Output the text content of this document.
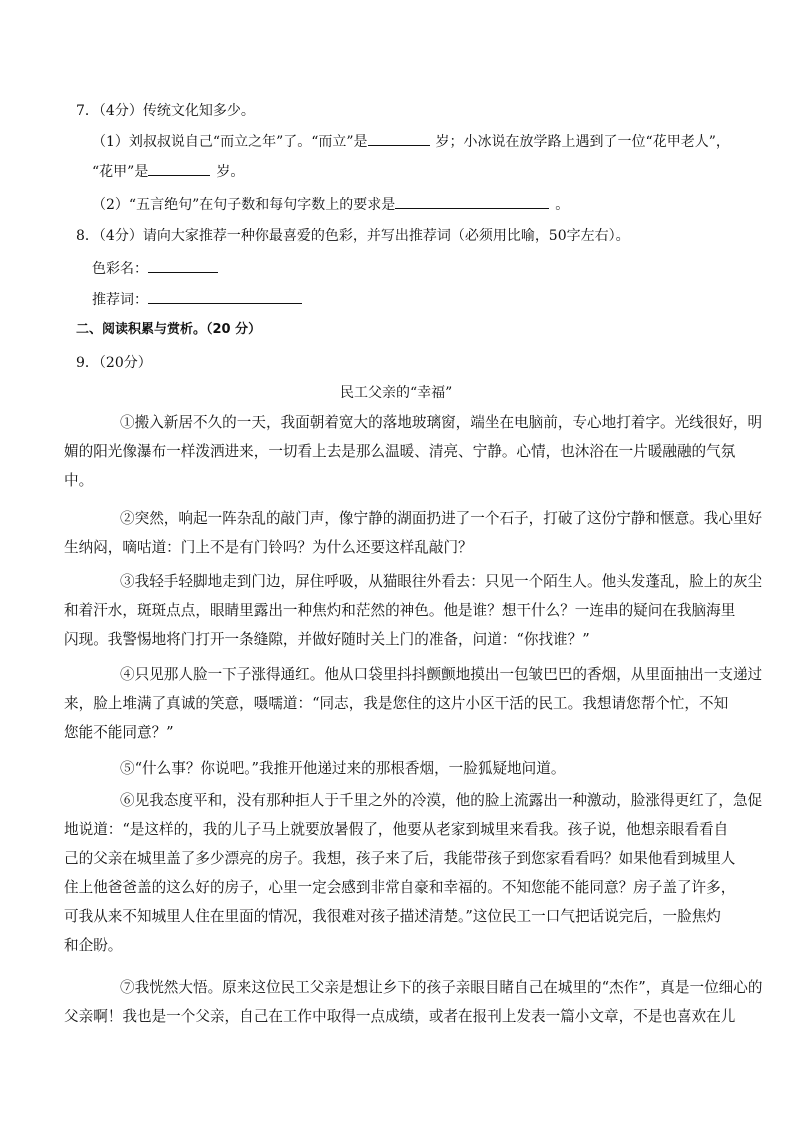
7．（4分）传统文化知多少。
（1）刘叔叔说自己“而立之年”了。“而立”是	岁；小冰说在放学路上遇到了一位“花甲老人”，
“花甲”是	岁。
（2）“五言绝句”在句子数和每句字数上的要求是	。
8．（4分）请向大家推荐一种你最喜爱的色彩，并写出推荐词（必须用比喻，50字左右）。
色彩名：
推荐词：
二、阅读积累与赏析。（20 分）
9．（20分）
民工父亲的“幸福”
①搬入新居不久的一天，我面朝着宽大的落地玻璃窗，端坐在电脑前，专心地打着字。光线很好，明
媚的阳光像瀑布一样泼洒进来，一切看上去是那么温暖、清亮、宁静。心情，也沐浴在一片暖融融的气氛
中。
②突然，响起一阵杂乱的敲门声，像宁静的湖面扔进了一个石子，打破了这份宁静和惬意。我心里好
生纳闷，嘀咕道：门上不是有门铃吗？为什么还要这样乱敲门？
③我轻手轻脚地走到门边，屏住呼吸，从猫眼往外看去：只见一个陌生人。他头发蓬乱，脸上的灰尘
和着汗水，斑斑点点，眼睛里露出一种焦灼和茫然的神色。他是谁？想干什么？一连串的疑问在我脑海里
闪现。我警惕地将门打开一条缝隙，并做好随时关上门的准备，问道：“你找谁？”
④只见那人脸一下子涨得通红。他从口袋里抖抖颤颤地摸出一包皱巴巴的香烟，从里面抽出一支递过
来，脸上堆满了真诚的笑意，嗫嚅道：“同志，我是您住的这片小区干活的民工。我想请您帮个忙，不知
您能不能同意？”
⑤“什么事？你说吧。”我推开他递过来的那根香烟，一脸狐疑地问道。
⑥见我态度平和，没有那种拒人于千里之外的冷漠，他的脸上流露出一种激动，脸涨得更红了，急促
地说道：“是这样的，我的儿子马上就要放暑假了，他要从老家到城里来看我。孩子说，他想亲眼看看自
己的父亲在城里盖了多少漂亮的房子。我想，孩子来了后，我能带孩子到您家看看吗？如果他看到城里人
住上他爸爸盖的这么好的房子，心里一定会感到非常自豪和幸福的。不知您能不能同意？房子盖了许多，
可我从来不知城里人住在里面的情况，我很难对孩子描述清楚。”这位民工一口气把话说完后，一脸焦灼
和企盼。
⑦我恍然大悟。原来这位民工父亲是想让乡下的孩子亲眼目睹自己在城里的“杰作”，真是一位细心的
父亲啊！我也是一个父亲，自己在工作中取得一点成绩，或者在报刊上发表一篇小文章，不是也喜欢在儿
